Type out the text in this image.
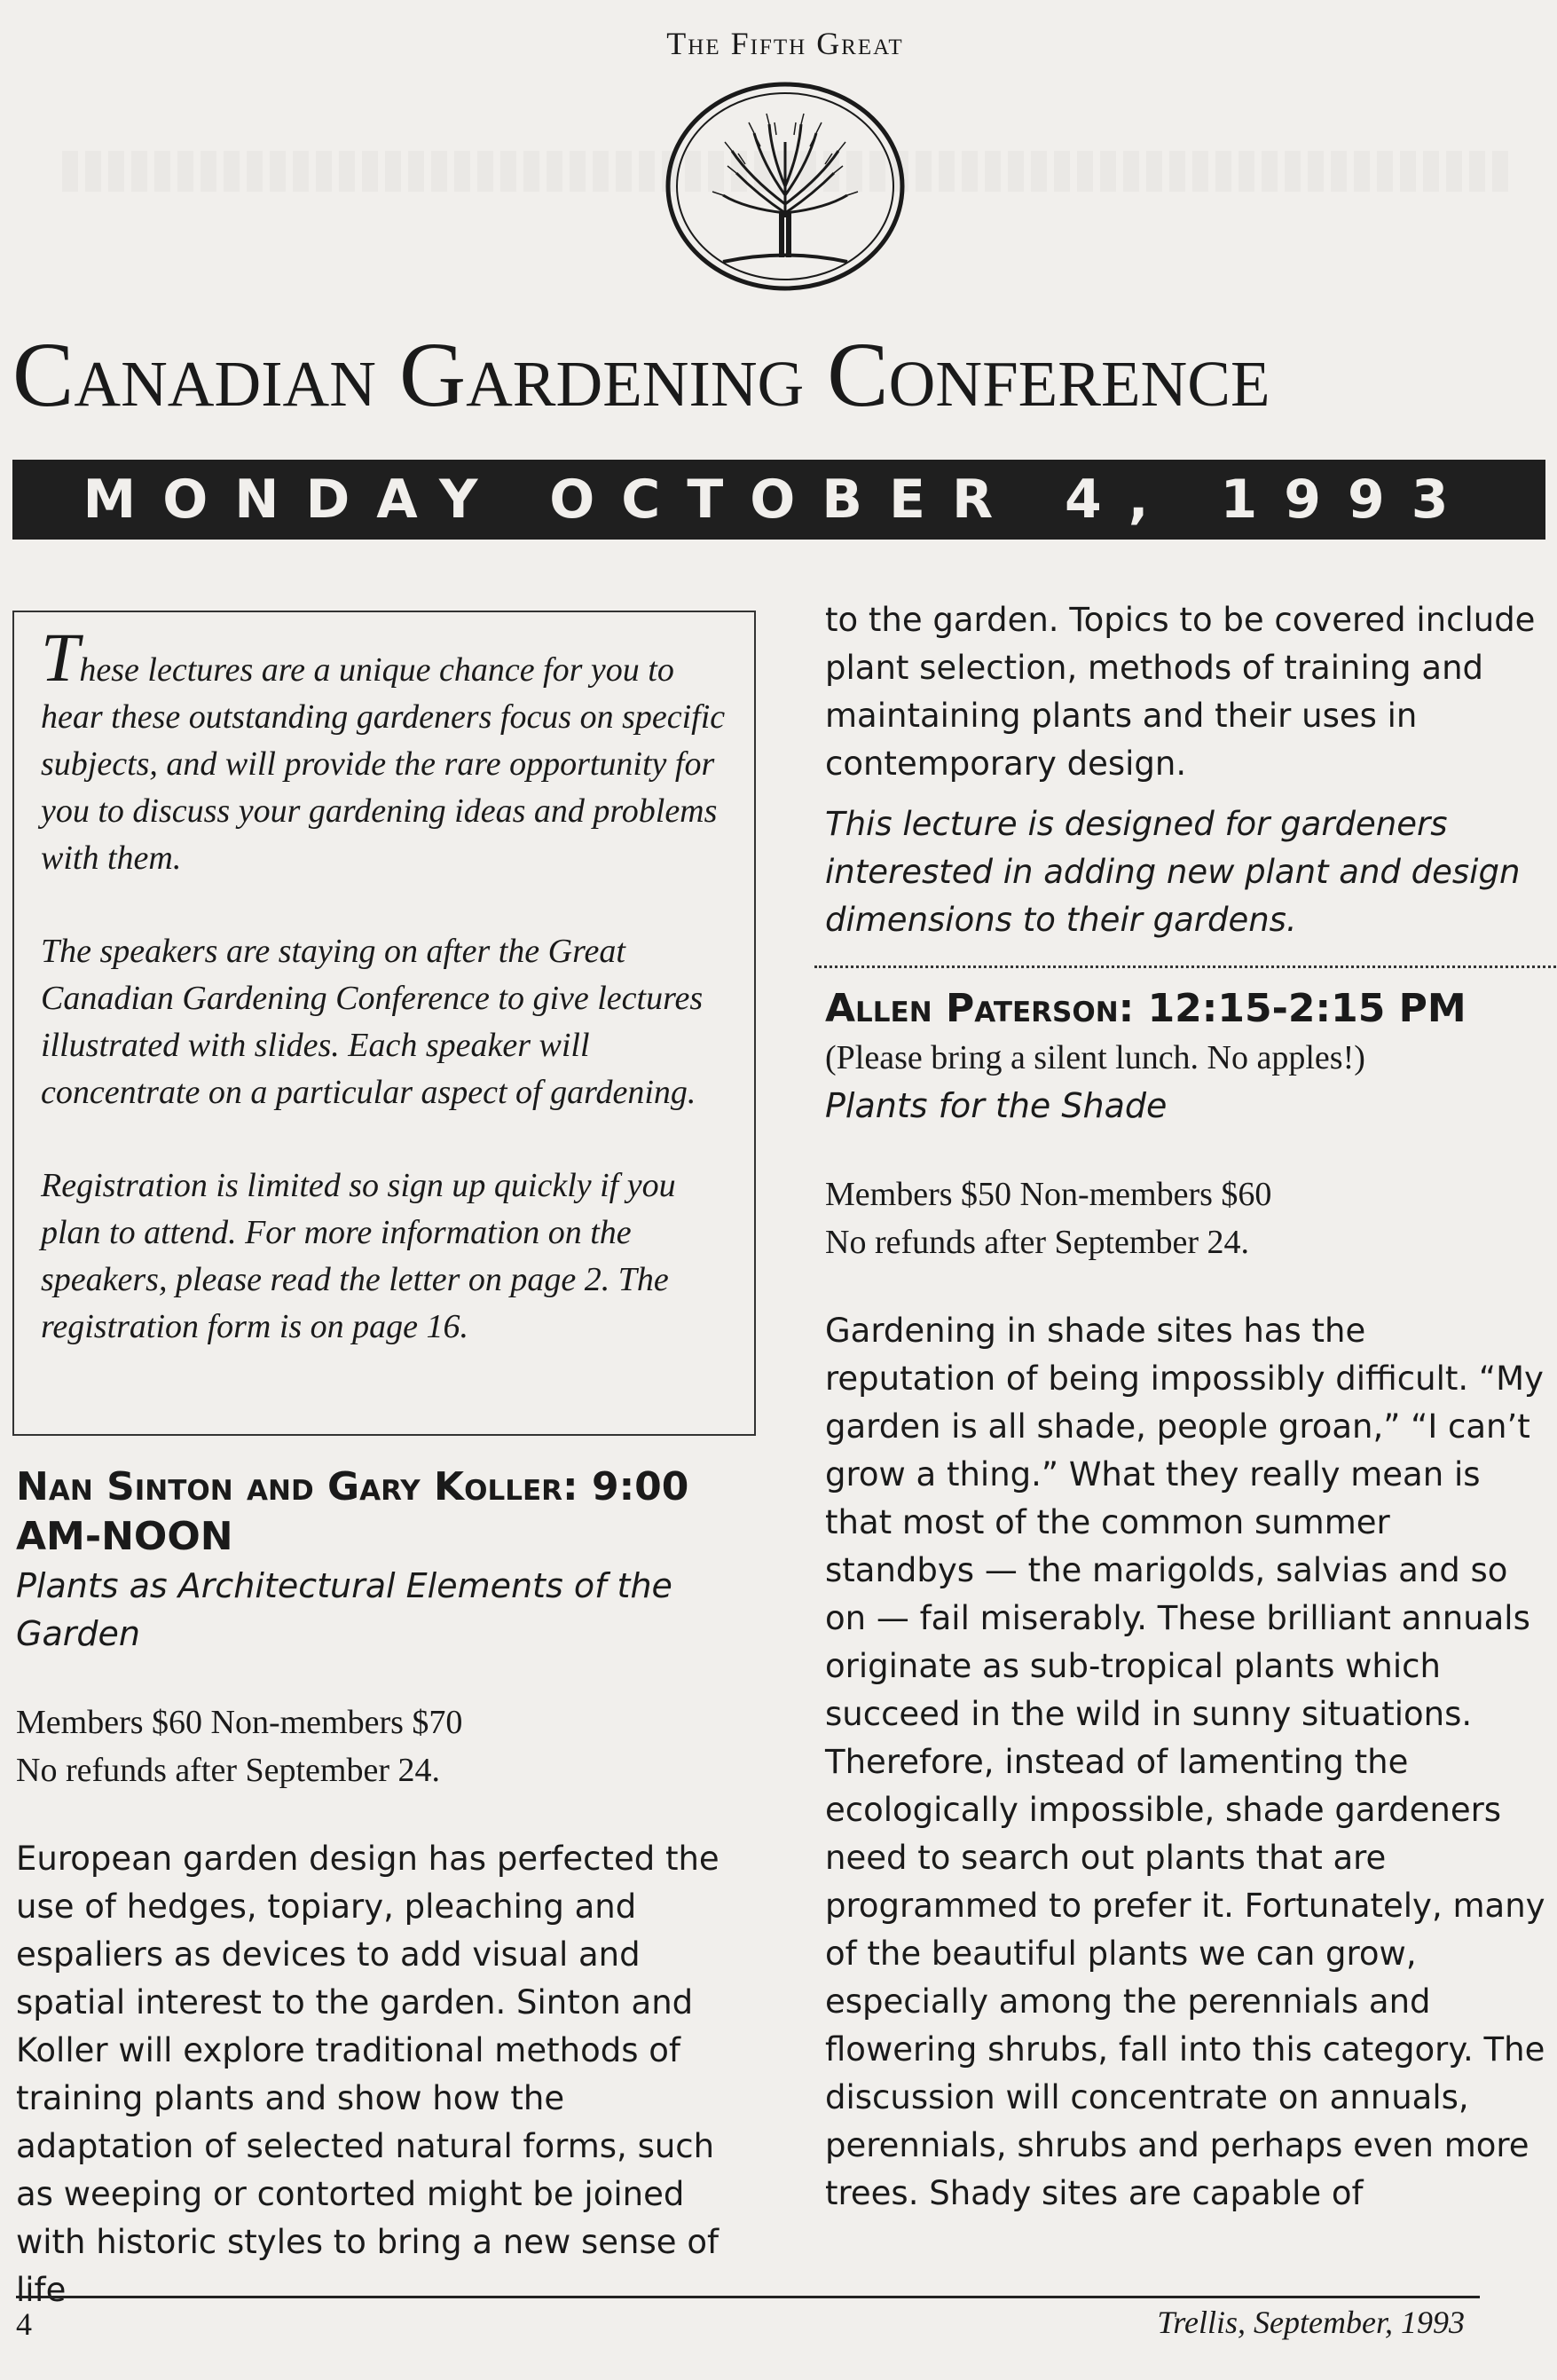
The Fifth Great
Canadian Gardening Conference
MONDAY OCTOBER 4, 1993

These lectures are a unique chance for you to hear these outstanding gardeners focus on specific subjects, and will provide the rare opportunity for you to discuss your gardening ideas and problems with them.

The speakers are staying on after the Great Canadian Gardening Conference to give lectures illustrated with slides. Each speaker will concentrate on a particular aspect of gardening.

Registration is limited so sign up quickly if you plan to attend. For more information on the speakers, please read the letter on page 2. The registration form is on page 16.

Nan Sinton and Gary Koller: 9:00 AM-NOON

Plants as Architectural Elements of the Garden

Members $60 Non-members $70

No refunds after September 24.

European garden design has perfected the use of hedges, topiary, pleaching and espaliers as devices to add visual and spatial interest to the garden. Sinton and Koller will explore traditional methods of training plants and show how the adaptation of selected natural forms, such as weeping or contorted might be joined with historic styles to bring a new sense of life

to the garden. Topics to be covered include plant selection, methods of training and maintaining plants and their uses in contemporary design.

This lecture is designed for gardeners interested in adding new plant and design dimensions to their gardens.

Allen Paterson: 12:15-2:15 PM

(Please bring a silent lunch. No apples!)

Plants for the Shade

Members $50 Non-members $60

No refunds after September 24.

Gardening in shade sites has the reputation of being impossibly difficult. “My garden is all shade, people groan,” “I can’t grow a thing.” What they really mean is that most of the common summer standbys — the marigolds, salvias and so on — fail miserably. These brilliant annuals originate as sub-tropical plants which succeed in the wild in sunny situations. Therefore, instead of lamenting the ecologically impossible, shade gardeners need to search out plants that are programmed to prefer it. Fortunately, many of the beautiful plants we can grow, especially among the perennials and flowering shrubs, fall into this category. The discussion will concentrate on annuals, perennials, shrubs and perhaps even more trees. Shady sites are capable of

4	Trellis, September, 1993
